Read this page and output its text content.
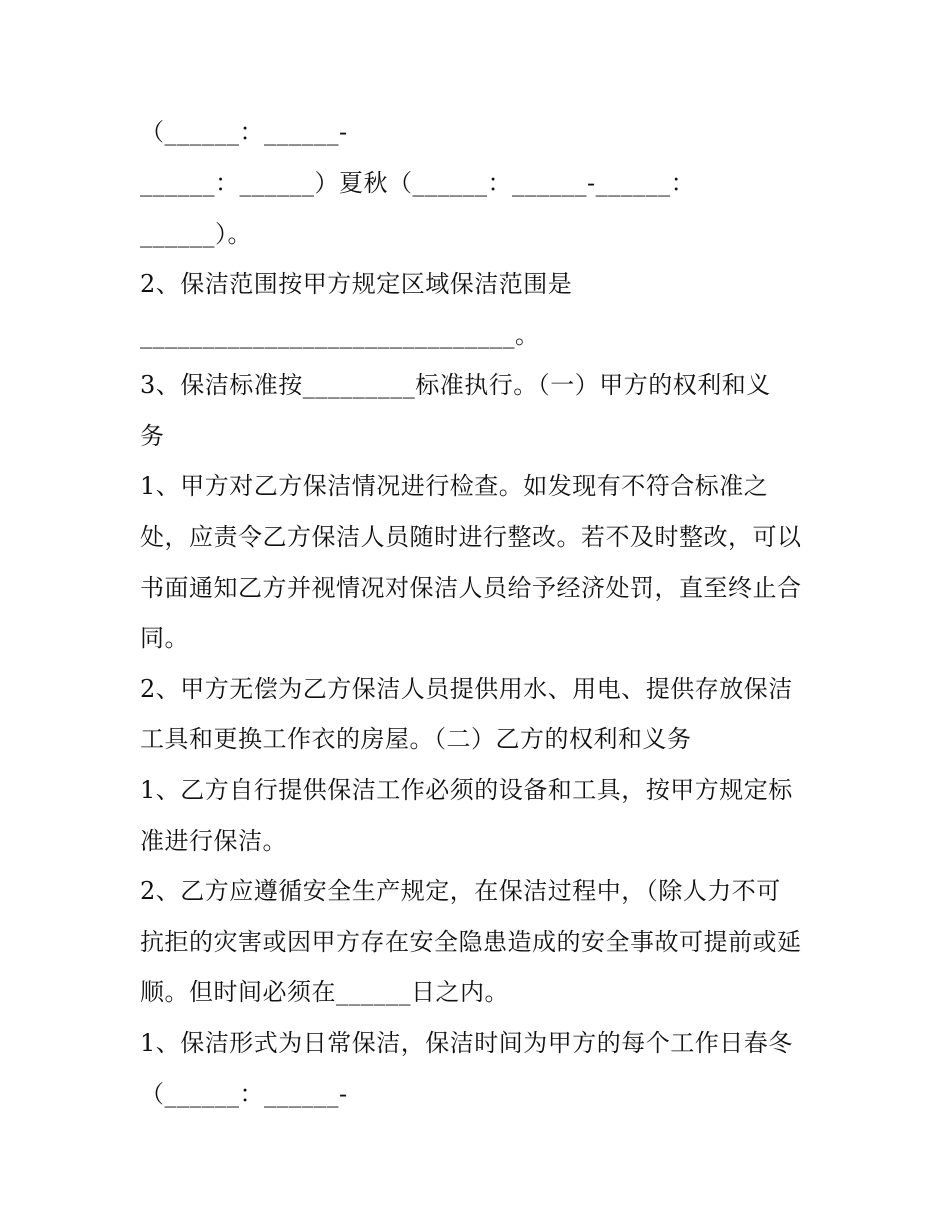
（______：______-
______：______）夏秋（______：______-______：
______）。
2、保洁范围按甲方规定区域保洁范围是
______________________________。
3、保洁标准按_________标准执行。（一）甲方的权利和义
务
1、甲方对乙方保洁情况进行检查。如发现有不符合标准之
处，应责令乙方保洁人员随时进行整改。若不及时整改，可以
书面通知乙方并视情况对保洁人员给予经济处罚，直至终止合
同。
2、甲方无偿为乙方保洁人员提供用水、用电、提供存放保洁
工具和更换工作衣的房屋。（二）乙方的权利和义务
1、乙方自行提供保洁工作必须的设备和工具，按甲方规定标
准进行保洁。
2、乙方应遵循安全生产规定，在保洁过程中，（除人力不可
抗拒的灾害或因甲方存在安全隐患造成的安全事故可提前或延
顺。但时间必须在______日之内。
1、保洁形式为日常保洁，保洁时间为甲方的每个工作日春冬
（______：______-
